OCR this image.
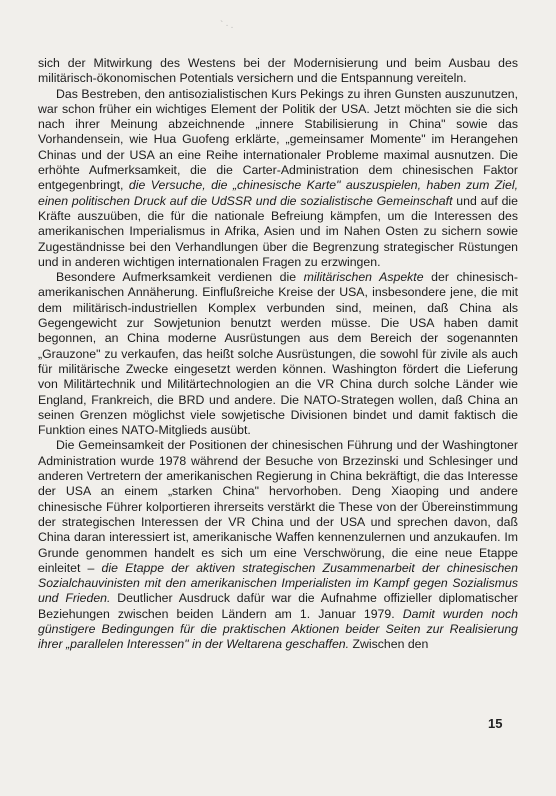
`·.

sich der Mitwirkung des Westens bei der Modernisierung und beim Ausbau des militärisch-ökonomischen Potentials versichern und die Entspannung vereiteln.

Das Bestreben, den antisozialistischen Kurs Pekings zu ihren Gunsten auszunutzen, war schon früher ein wichtiges Element der Politik der USA. Jetzt möchten sie die sich nach ihrer Meinung abzeichnende „innere Stabilisierung in China" sowie das Vorhandensein, wie Hua Guofeng erklärte, „gemeinsamer Momente" im Herangehen Chinas und der USA an eine Reihe internationaler Probleme maximal ausnutzen. Die erhöhte Aufmerksamkeit, die die Carter-Administration dem chinesischen Faktor entgegenbringt, die Versuche, die „chinesische Karte" auszuspielen, haben zum Ziel, einen politischen Druck auf die UdSSR und die sozialistische Gemeinschaft und auf die Kräfte auszuüben, die für die nationale Befreiung kämpfen, um die Interessen des amerikanischen Imperialismus in Afrika, Asien und im Nahen Osten zu sichern sowie Zugeständnisse bei den Verhandlungen über die Begrenzung strategischer Rüstungen und in anderen wichtigen internationalen Fragen zu erzwingen.

Besondere Aufmerksamkeit verdienen die militärischen Aspekte der chinesisch-amerikanischen Annäherung. Einflußreiche Kreise der USA, insbesondere jene, die mit dem militärisch-industriellen Komplex verbunden sind, meinen, daß China als Gegengewicht zur Sowjetunion benutzt werden müsse. Die USA haben damit begonnen, an China moderne Ausrüstungen aus dem Bereich der sogenannten „Grauzone" zu verkaufen, das heißt solche Ausrüstungen, die sowohl für zivile als auch für militärische Zwecke eingesetzt werden können. Washington fördert die Lieferung von Militärtechnik und Militärtechnologien an die VR China durch solche Länder wie England, Frankreich, die BRD und andere. Die NATO-Strategen wollen, daß China an seinen Grenzen möglichst viele sowjetische Divisionen bindet und damit faktisch die Funktion eines NATO-Mitglieds ausübt.

Die Gemeinsamkeit der Positionen der chinesischen Führung und der Washingtoner Administration wurde 1978 während der Besuche von Brzezinski und Schlesinger und anderen Vertretern der amerikanischen Regierung in China bekräftigt, die das Interesse der USA an einem „starken China" hervorhoben. Deng Xiaoping und andere chinesische Führer kolportieren ihrerseits verstärkt die These von der Übereinstimmung der strategischen Interessen der VR China und der USA und sprechen davon, daß China daran interessiert ist, amerikanische Waffen kennenzulernen und anzukaufen. Im Grunde genommen handelt es sich um eine Verschwörung, die eine neue Etappe einleitet – die Etappe der aktiven strategischen Zusammenarbeit der chinesischen Sozialchauvinisten mit den amerikanischen Imperialisten im Kampf gegen Sozialismus und Frieden. Deutlicher Ausdruck dafür war die Aufnahme offizieller diplomatischer Beziehungen zwischen beiden Ländern am 1. Januar 1979. Damit wurden noch günstigere Bedingungen für die praktischen Aktionen beider Seiten zur Realisierung ihrer „parallelen Interessen" in der Weltarena geschaffen. Zwischen den

15
